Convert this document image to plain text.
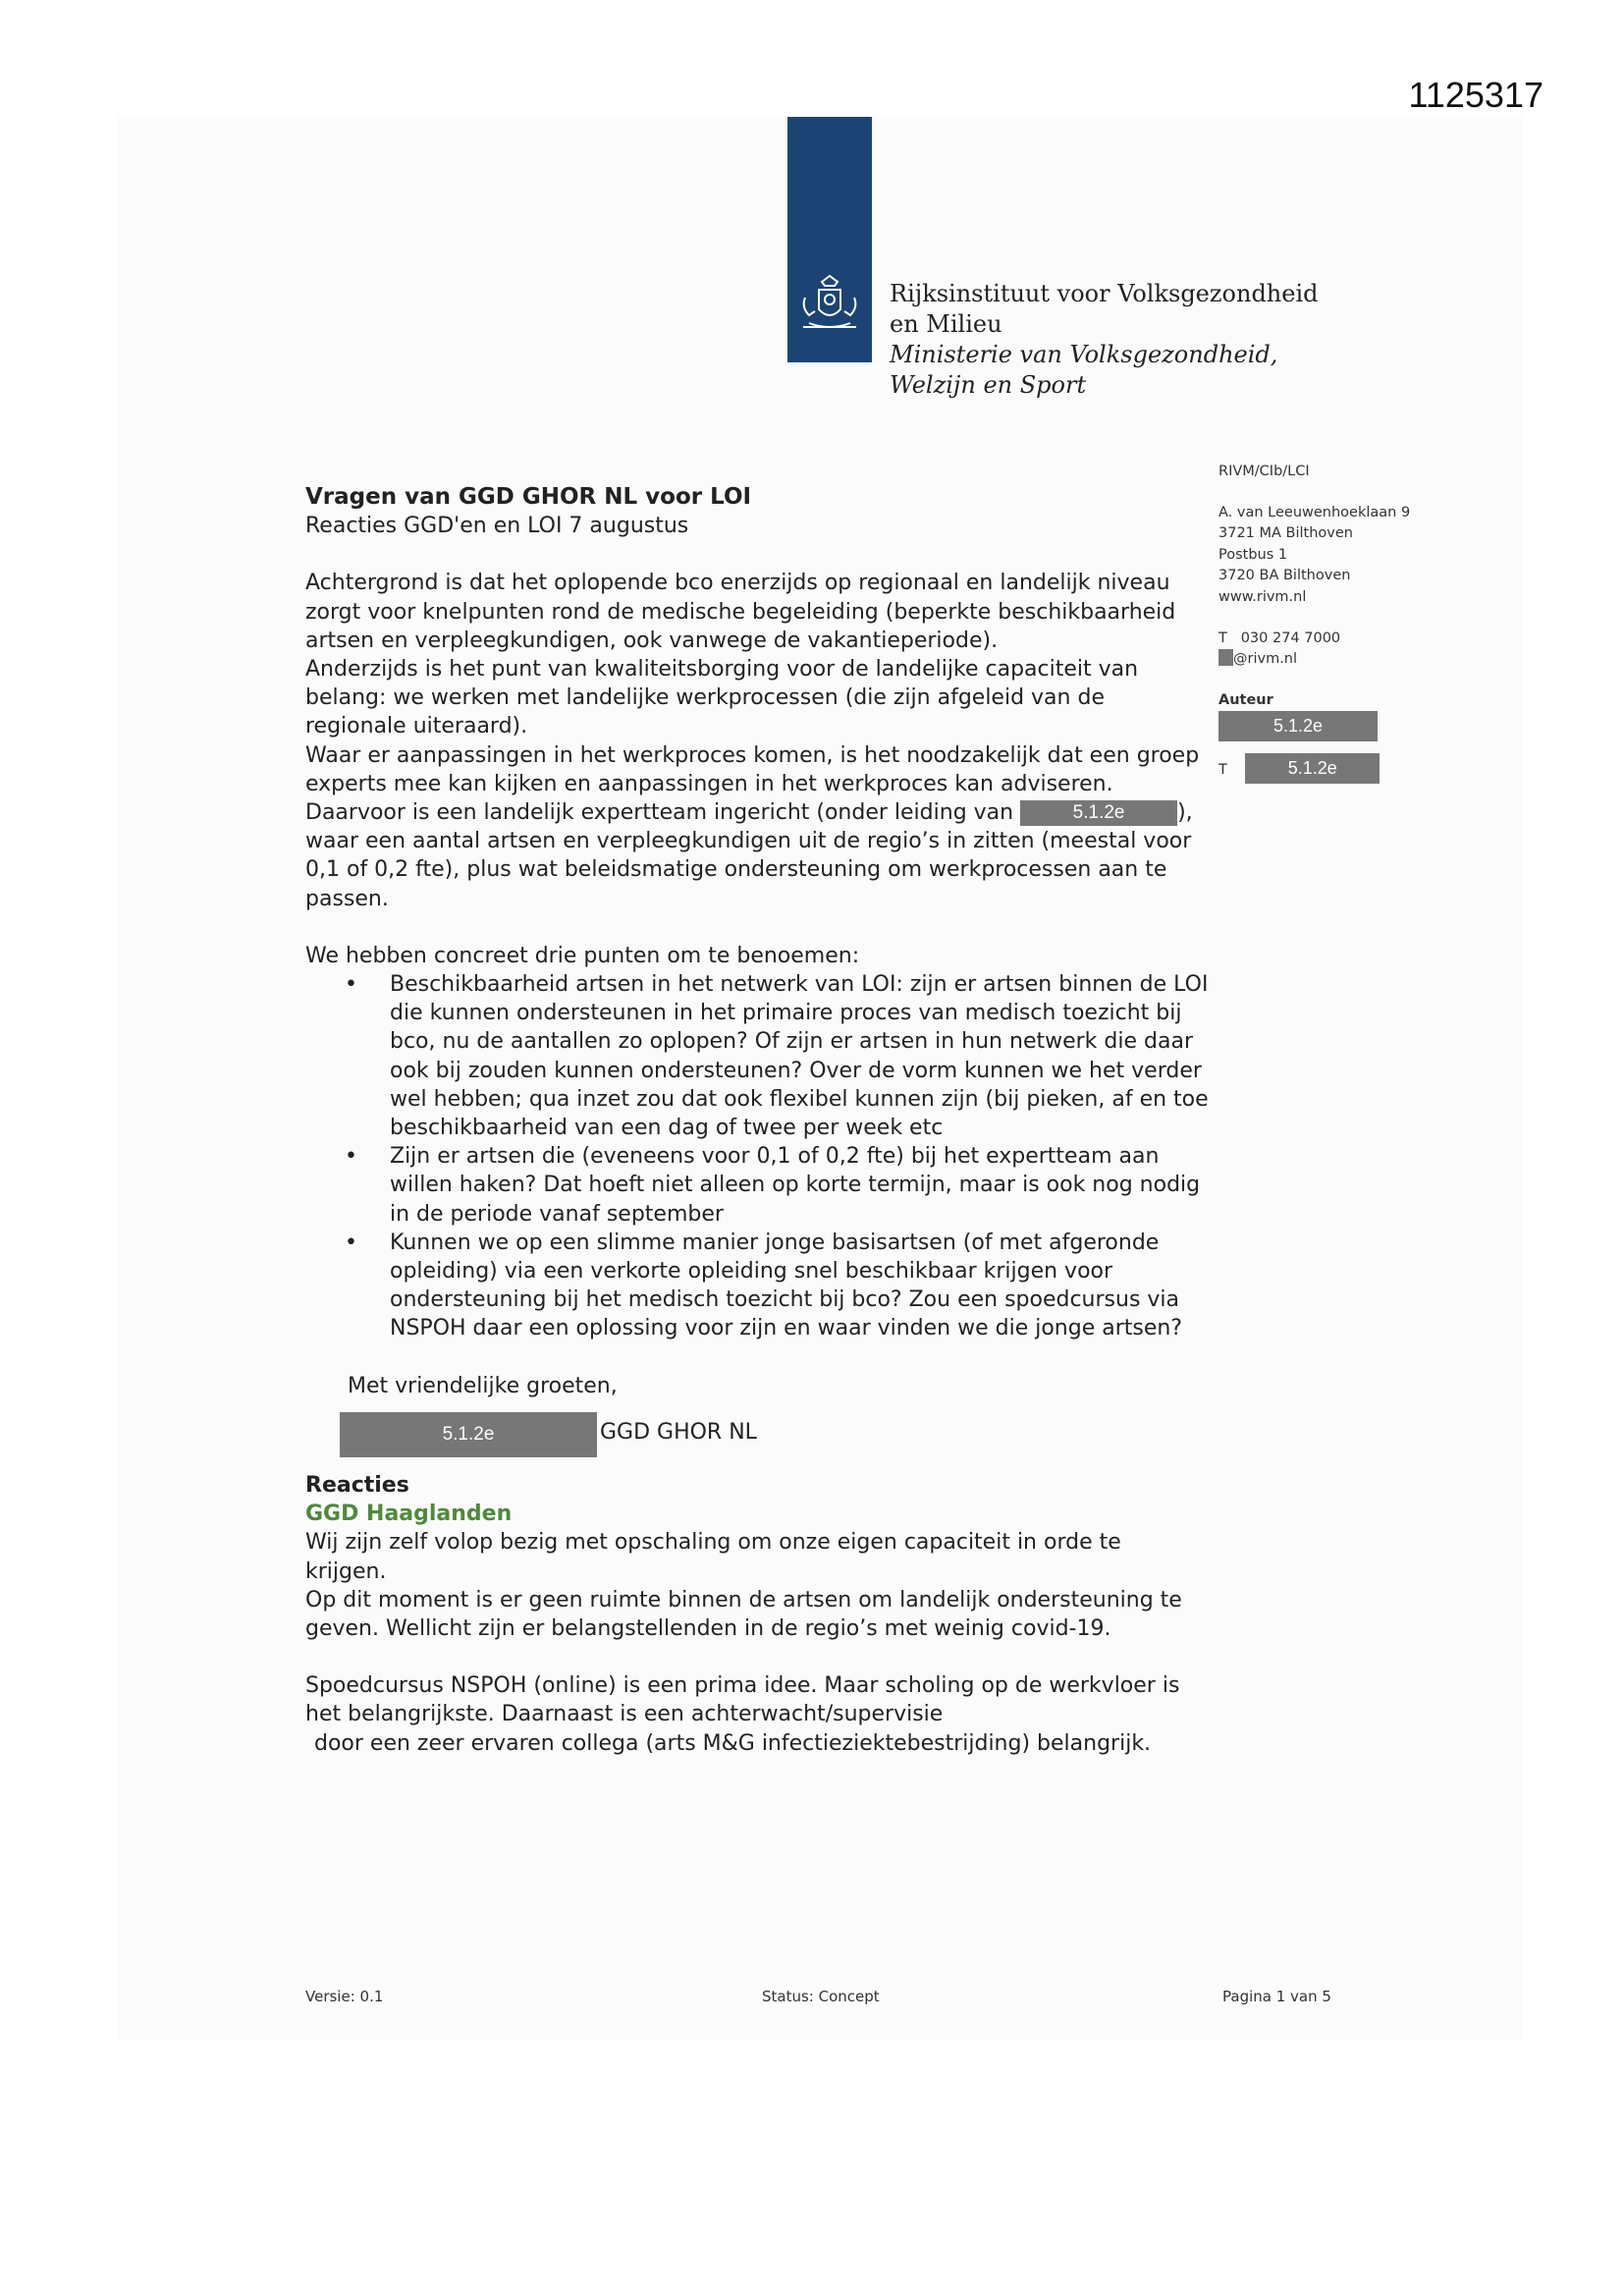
1125317
Rijksinstituut voor Volksgezondheid
en Milieu
Ministerie van Volksgezondheid,
Welzijn en Sport
RIVM/CIb/LCI
A. van Leeuwenhoeklaan 9
3721 MA Bilthoven
Postbus 1
3720 BA Bilthoven
www.rivm.nl
T 030 274 7000
@rivm.nl
Auteur
5.1.2e
T	5.1.2e
Vragen van GGD GHOR NL voor LOI
Reacties GGD'en en LOI 7 augustus
Achtergrond is dat het oplopende bco enerzijds op regionaal en landelijk niveau zorgt voor knelpunten rond de medische begeleiding (beperkte beschikbaarheid artsen en verpleegkundigen, ook vanwege de vakantieperiode).
Anderzijds is het punt van kwaliteitsborging voor de landelijke capaciteit van belang: we werken met landelijke werkprocessen (die zijn afgeleid van de regionale uiteraard).
Waar er aanpassingen in het werkproces komen, is het noodzakelijk dat een groep experts mee kan kijken en aanpassingen in het werkproces kan adviseren. Daarvoor is een landelijk expertteam ingericht (onder leiding van	5.1.2e ), waar een aantal artsen en verpleegkundigen uit de regio’s in zitten (meestal voor 0,1 of 0,2 fte), plus wat beleidsmatige ondersteuning om werkprocessen aan te passen.
We hebben concreet drie punten om te benoemen:
• Beschikbaarheid artsen in het netwerk van LOI: zijn er artsen binnen de LOI die kunnen ondersteunen in het primaire proces van medisch toezicht bij bco, nu de aantallen zo oplopen? Of zijn er artsen in hun netwerk die daar ook bij zouden kunnen ondersteunen? Over de vorm kunnen we het verder wel hebben; qua inzet zou dat ook flexibel kunnen zijn (bij pieken, af en toe beschikbaarheid van een dag of twee per week etc
• Zijn er artsen die (eveneens voor 0,1 of 0,2 fte) bij het expertteam aan willen haken? Dat hoeft niet alleen op korte termijn, maar is ook nog nodig in de periode vanaf september
• Kunnen we op een slimme manier jonge basisartsen (of met afgeronde opleiding) via een verkorte opleiding snel beschikbaar krijgen voor ondersteuning bij het medisch toezicht bij bco? Zou een spoedcursus via NSPOH daar een oplossing voor zijn en waar vinden we die jonge artsen?
Met vriendelijke groeten,
5.1.2e	GGD GHOR NL
Reacties
GGD Haaglanden
Wij zijn zelf volop bezig met opschaling om onze eigen capaciteit in orde te krijgen.
Op dit moment is er geen ruimte binnen de artsen om landelijk ondersteuning te geven. Wellicht zijn er belangstellenden in de regio’s met weinig covid-19.
Spoedcursus NSPOH (online) is een prima idee. Maar scholing op de werkvloer is het belangrijkste. Daarnaast is een achterwacht/supervisie
door een zeer ervaren collega (arts M&G infectieziektebestrijding) belangrijk.
Versie: 0.1	Status: Concept	Pagina 1 van 5
